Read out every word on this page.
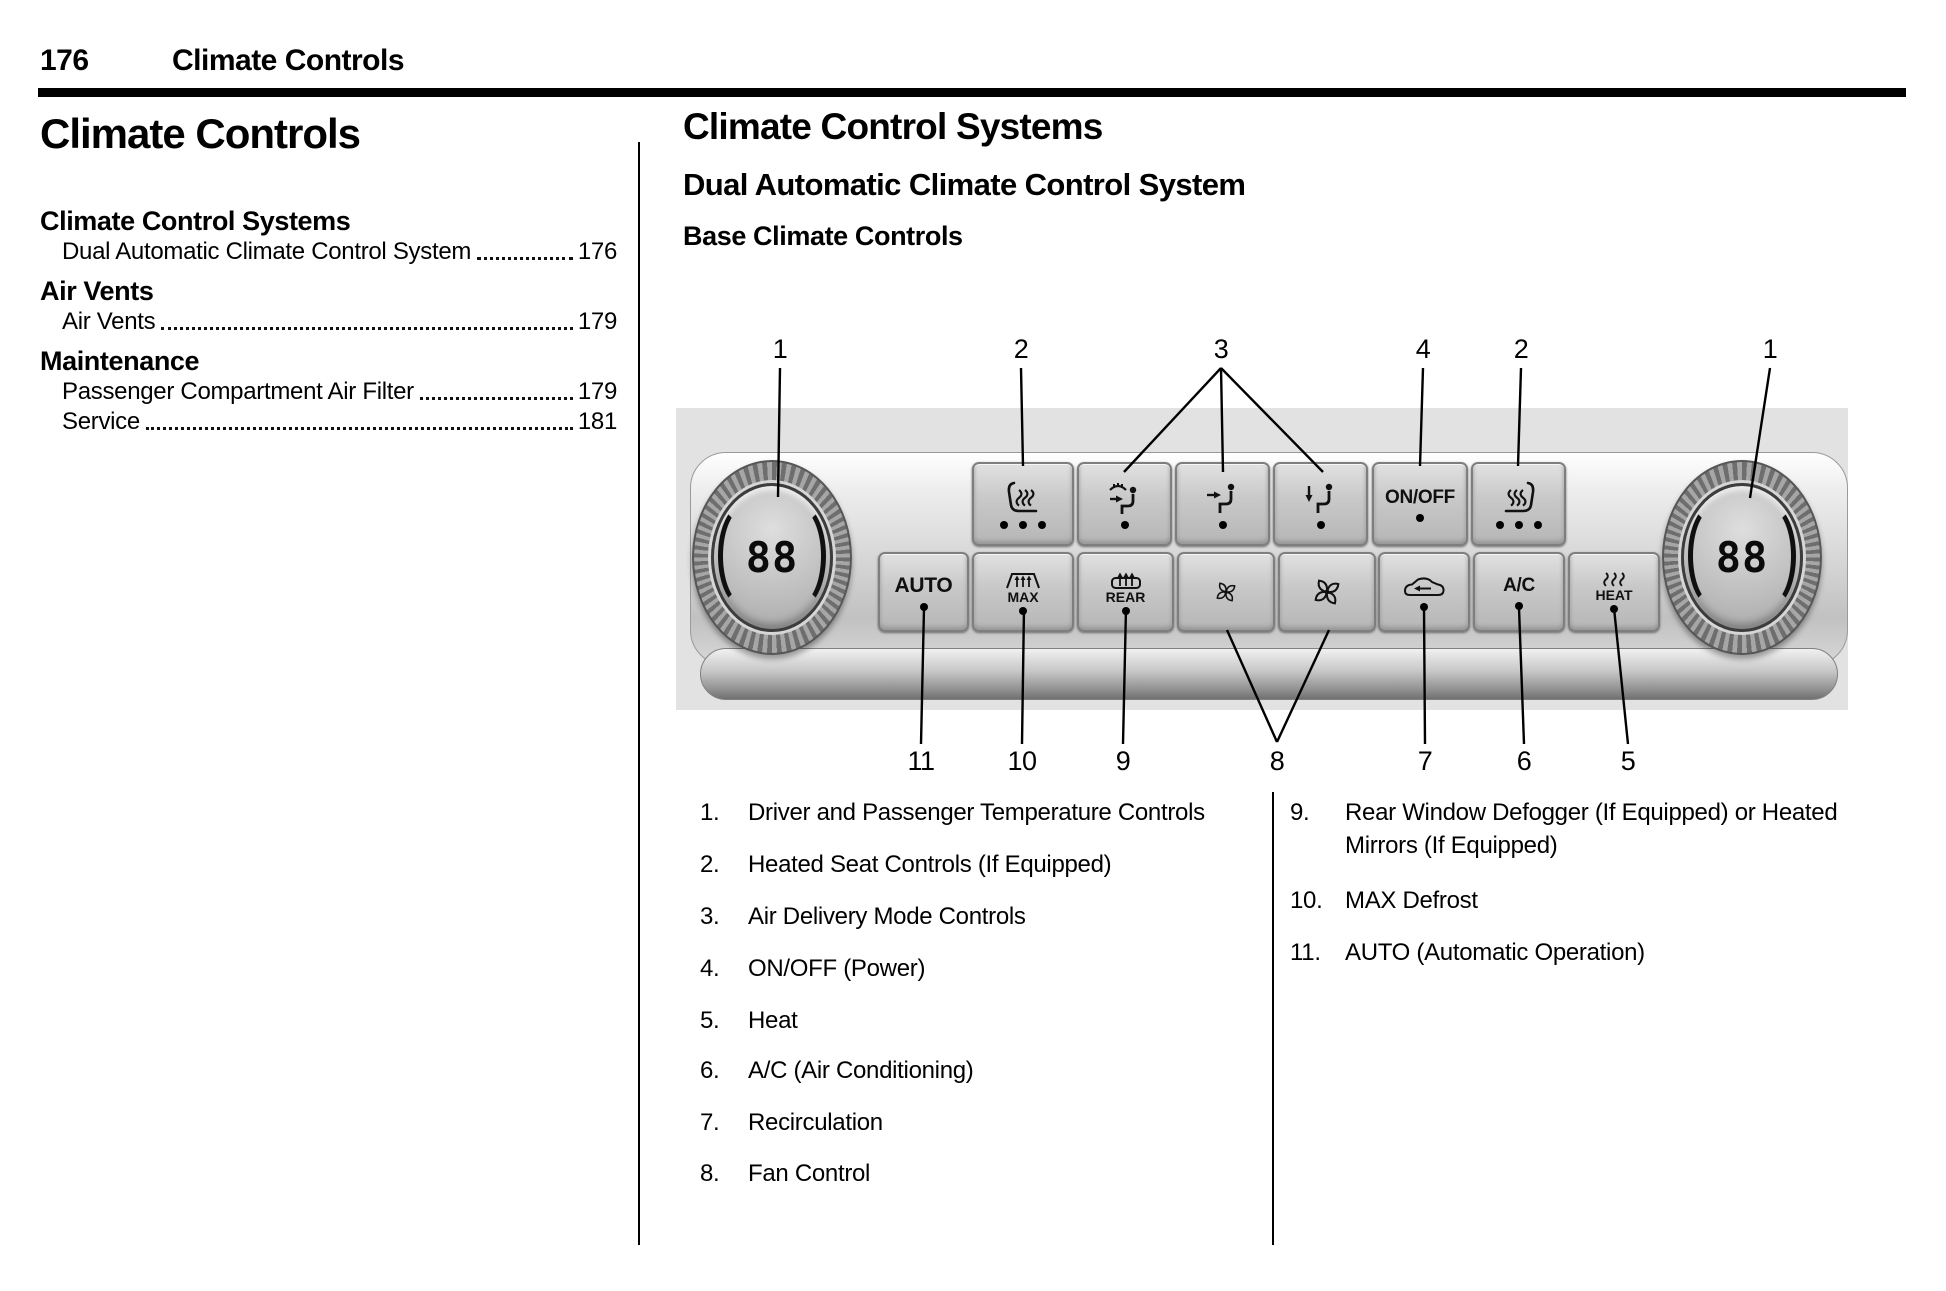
176	Climate Controls
Climate Controls
Climate Control Systems
Dual Automatic Climate Control System	176
Air Vents
Air Vents	179
Maintenance
Passenger Compartment Air Filter	179
Service	181
Climate Control Systems
Dual Automatic Climate Control System
Base Climate Controls
88	88
ON/OFF
AUTO	MAX	REAR
A/C	HEAT
1	2	3	4	2	1
11	10	9	8	7	6	5
1.	Driver and Passenger Temperature Controls
2.	Heated Seat Controls (If Equipped)
3.	Air Delivery Mode Controls
4.	ON/OFF (Power)
5.	Heat
6.	A/C (Air Conditioning)
7.	Recirculation
8.	Fan Control
9.	Rear Window Defogger (If Equipped) or Heated Mirrors (If Equipped)
10. MAX Defrost
11.	AUTO (Automatic Operation)
